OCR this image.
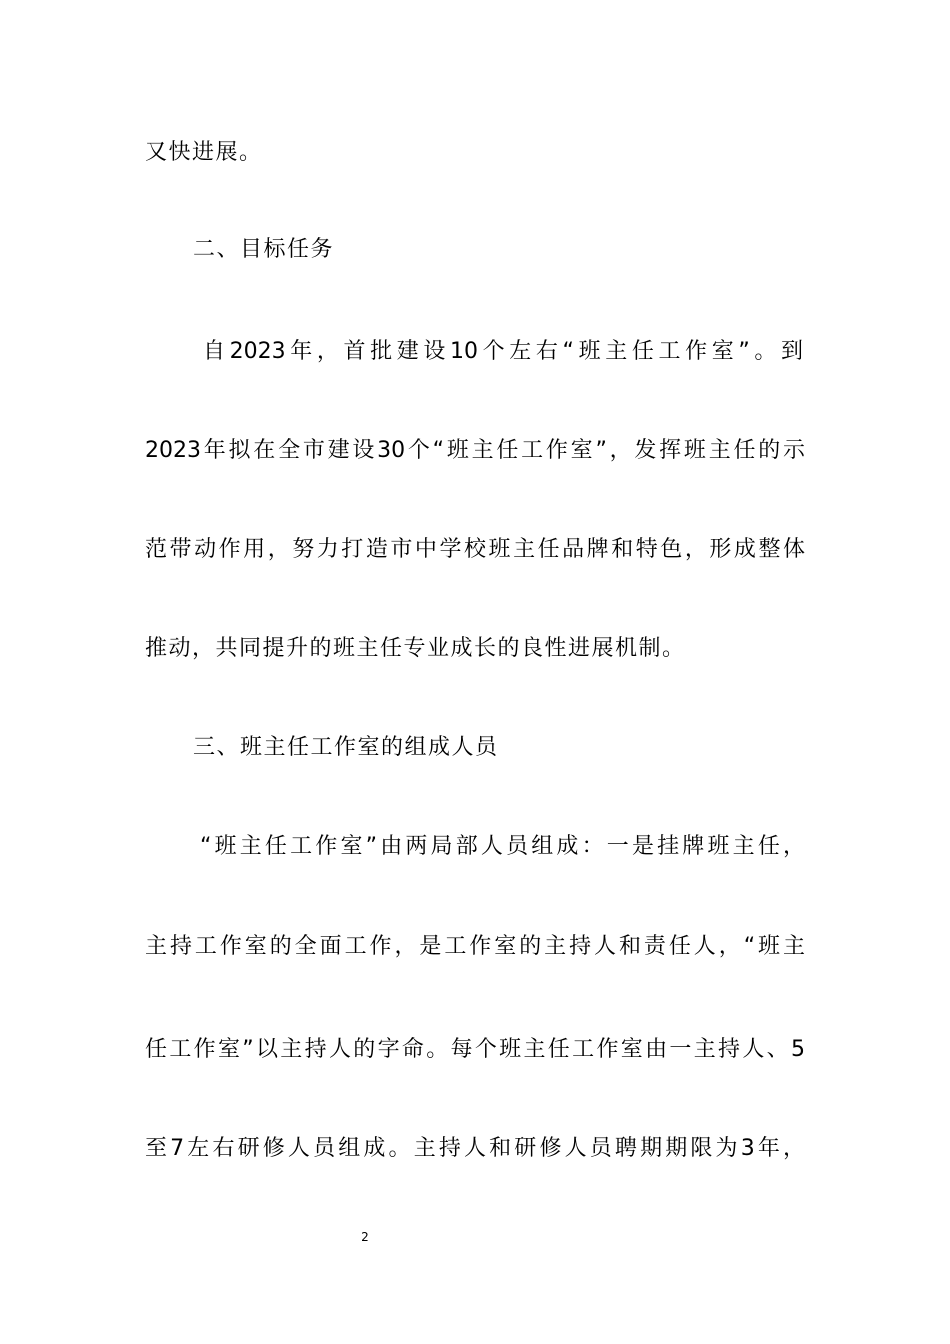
又快进展。
二、目标任务
自2023年，首批建设10个左右“班主任工作室”。到
2023年拟在全市建设30个“班主任工作室”，发挥班主任的示
范带动作用，努力打造市中学校班主任品牌和特色，形成整体
推动，共同提升的班主任专业成长的良性进展机制。
三、班主任工作室的组成人员
“班主任工作室”由两局部人员组成：一是挂牌班主任，
主持工作室的全面工作，是工作室的主持人和责任人，“班主
任工作室”以主持人的字命。每个班主任工作室由一主持人、5
至7左右研修人员组成。主持人和研修人员聘期期限为3年，
2
